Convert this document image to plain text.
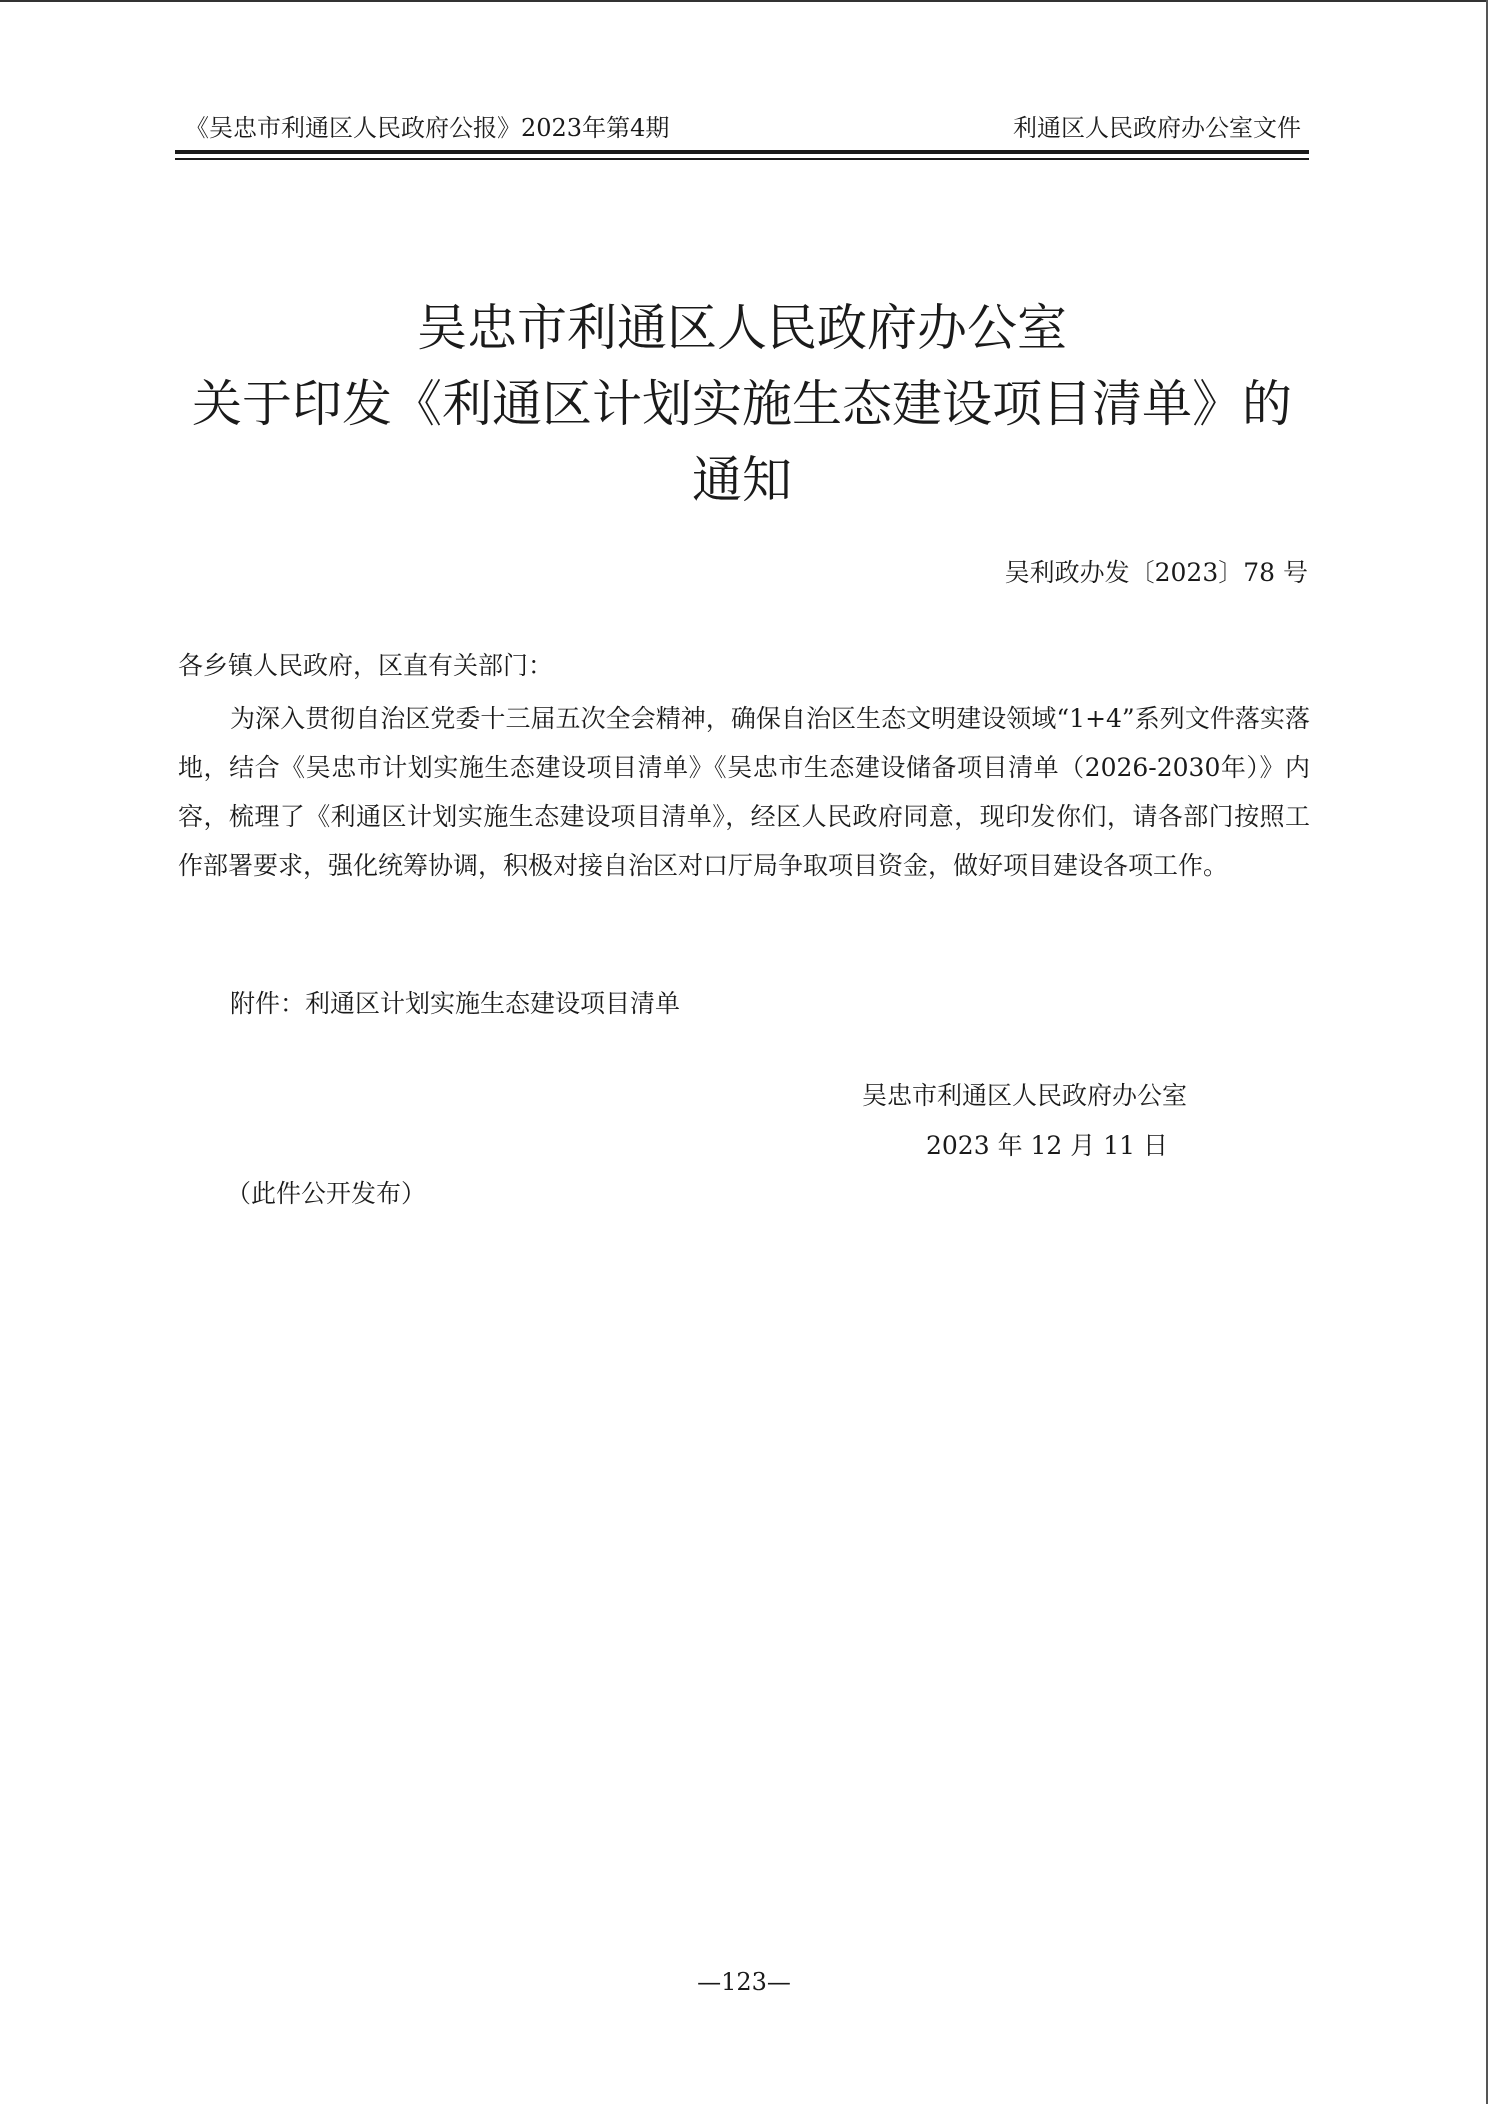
《吴忠市利通区人民政府公报》2023年第4期	利通区人民政府办公室文件
吴忠市利通区人民政府办公室
关于印发《利通区计划实施生态建设项目清单》的
通知
吴利政办发〔2023〕78 号
各乡镇人民政府，区直有关部门：

为深入贯彻自治区党委十三届五次全会精神，确保自治区生态文明建设领域“1+4”系列文件落实落地，结合《吴忠市计划实施生态建设项目清单》《吴忠市生态建设储备项目清单（2026-2030年）》内容，梳理了《利通区计划实施生态建设项目清单》，经区人民政府同意，现印发你们，请各部门按照工作部署要求，强化统筹协调，积极对接自治区对口厅局争取项目资金，做好项目建设各项工作。

附件：利通区计划实施生态建设项目清单
吴忠市利通区人民政府办公室
2023 年 12 月 11 日
（此件公开发布）
—123—
